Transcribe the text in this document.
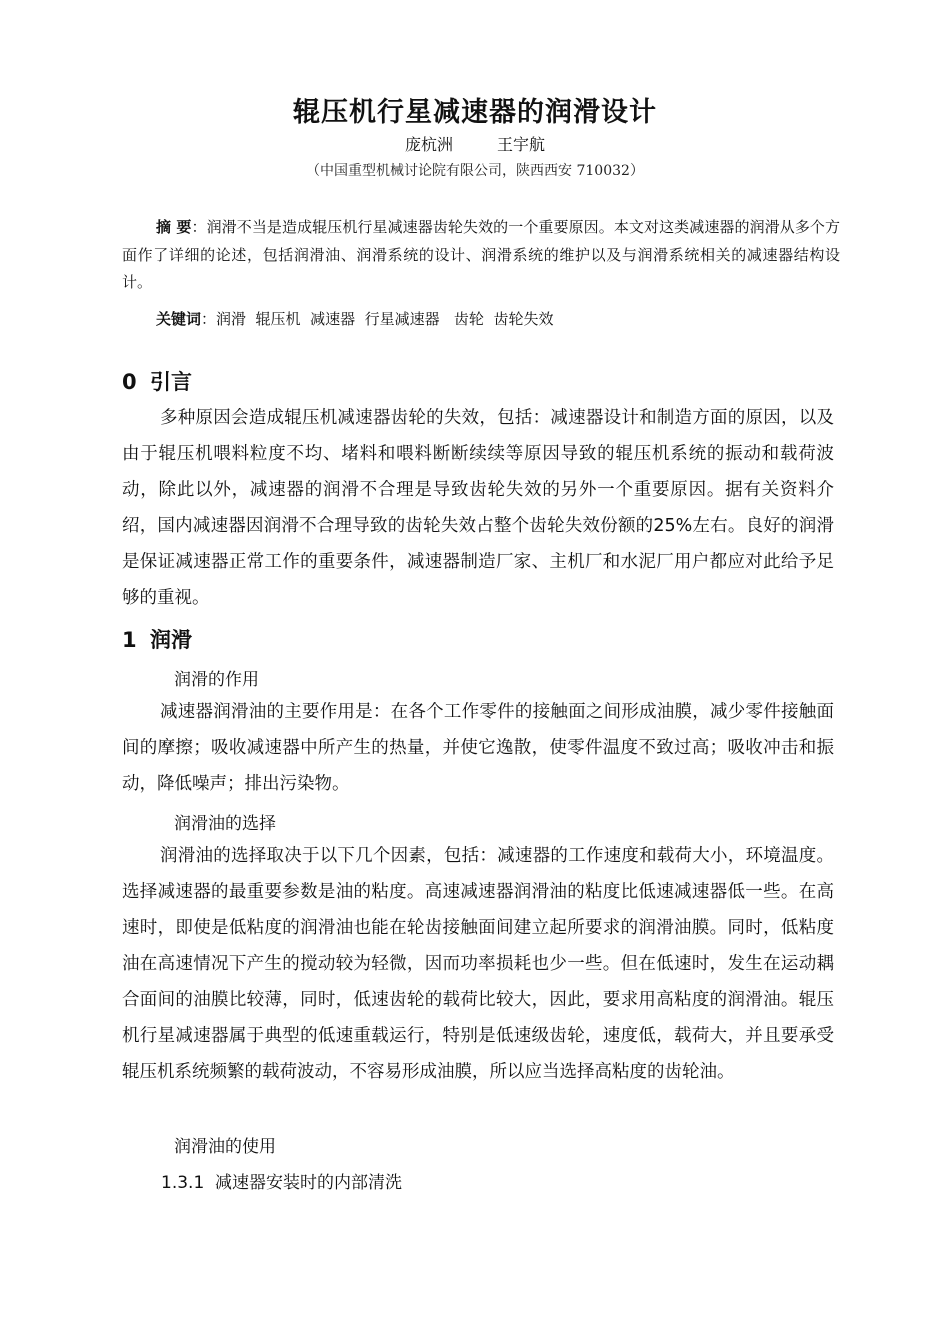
辊压机行星减速器的润滑设计
庞杭洲	王宇航
（中国重型机械讨论院有限公司，陕西西安 710032）
摘 要：润滑不当是造成辊压机行星减速器齿轮失效的一个重要原因。本文对这类减速器的润滑从多个方面作了详细的论述，包括润滑油、润滑系统的设计、润滑系统的维护以及与润滑系统相关的减速器结构设计。
关键词：润滑  辊压机  减速器  行星减速器   齿轮  齿轮失效
0 引言
多种原因会造成辊压机减速器齿轮的失效，包括：减速器设计和制造方面的原因，以及由于辊压机喂料粒度不均、堵料和喂料断断续续等原因导致的辊压机系统的振动和载荷波动，除此以外，减速器的润滑不合理是导致齿轮失效的另外一个重要原因。据有关资料介绍，国内减速器因润滑不合理导致的齿轮失效占整个齿轮失效份额的25%左右。良好的润滑是保证减速器正常工作的重要条件，减速器制造厂家、主机厂和水泥厂用户都应对此给予足够的重视。
1 润滑
润滑的作用
减速器润滑油的主要作用是：在各个工作零件的接触面之间形成油膜，减少零件接触面间的摩擦；吸收减速器中所产生的热量，并使它逸散，使零件温度不致过高；吸收冲击和振动，降低噪声；排出污染物。
润滑油的选择
润滑油的选择取决于以下几个因素，包括：减速器的工作速度和载荷大小，环境温度。选择减速器的最重要参数是油的粘度。高速减速器润滑油的粘度比低速减速器低一些。在高速时，即使是低粘度的润滑油也能在轮齿接触面间建立起所要求的润滑油膜。同时，低粘度油在高速情况下产生的搅动较为轻微，因而功率损耗也少一些。但在低速时，发生在运动耦合面间的油膜比较薄，同时，低速齿轮的载荷比较大，因此，要求用高粘度的润滑油。辊压机行星减速器属于典型的低速重载运行，特别是低速级齿轮，速度低，载荷大，并且要承受辊压机系统频繁的载荷波动，不容易形成油膜，所以应当选择高粘度的齿轮油。
润滑油的使用
1.3.1 减速器安装时的内部清洗
